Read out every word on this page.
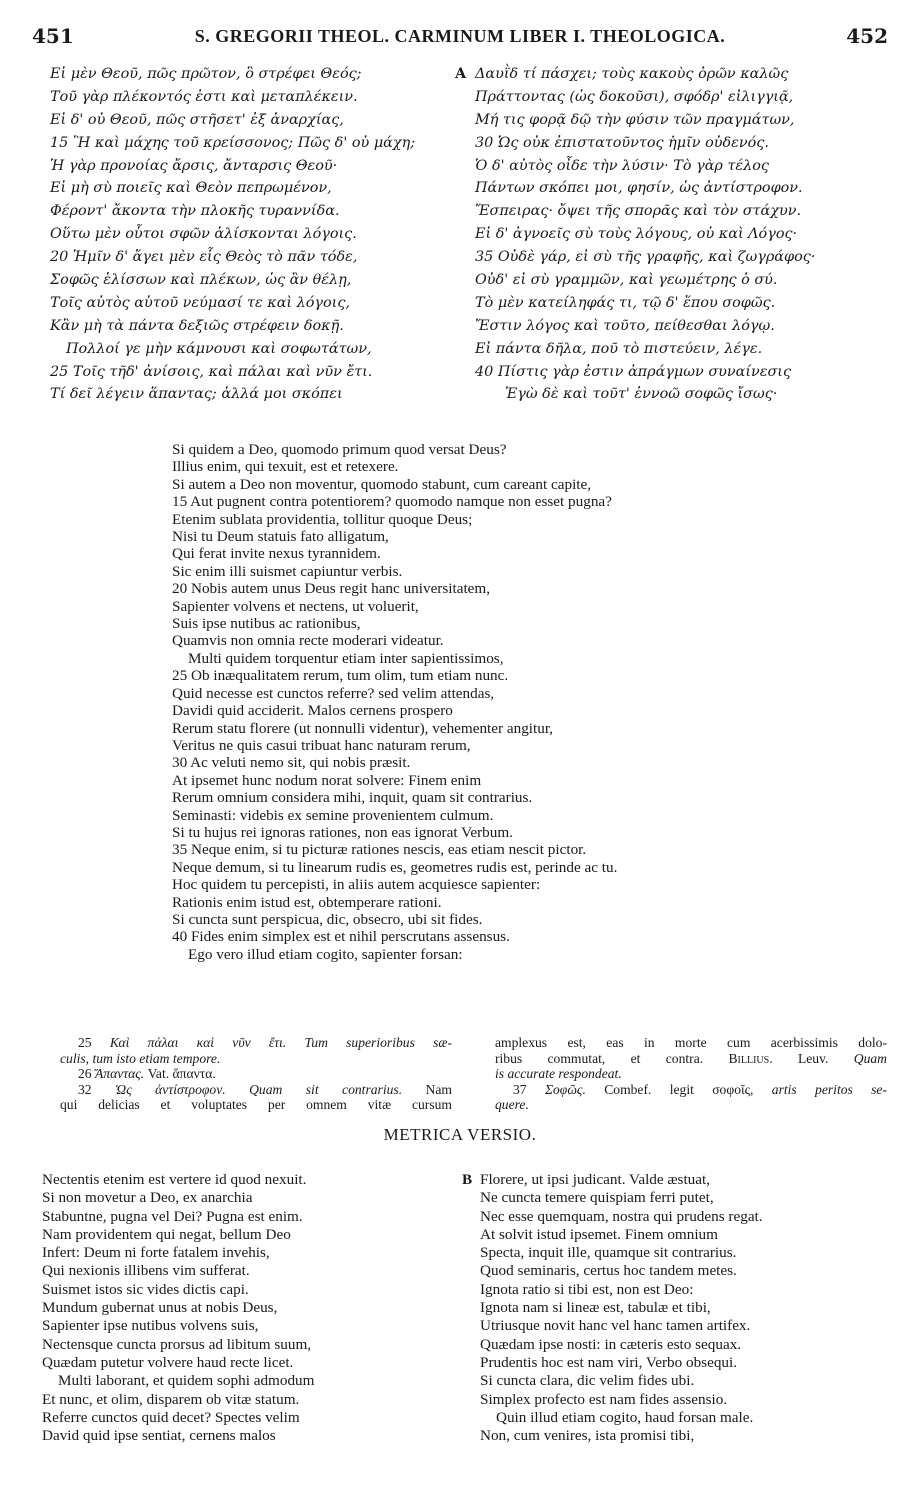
451	S. GREGORII THEOL. CARMINUM LIBER I. THEOLOGICA.	452
Εἰ μὲν Θεοῦ, πῶς πρῶτον, ὃ στρέφει Θεός;
Τοῦ γὰρ πλέκοντός ἐστι καὶ μεταπλέκειν.
Εἰ δ' οὐ Θεοῦ, πῶς στῆσετ' ἐξ ἀναρχίας,
15 Ἢ καὶ μάχης τοῦ κρείσσονος; Πῶς δ' οὐ μάχη;
Ἡ γὰρ προνοίας ἄρσις, ἄνταρσις Θεοῦ·
Εἰ μὴ σὺ ποιεῖς καὶ Θεὸν πεπρωμένον,
Φέροντ' ἄκοντα τὴν πλοκῆς τυραννίδα.
Οὕτω μὲν οὗτοι σφῶν ἁλίσκονται λόγοις.
20 Ἡμῖν δ' ἄγει μὲν εἷς Θεὸς τὸ πᾶν τόδε,
Σοφῶς ἑλίσσων καὶ πλέκων, ὡς ἂν θέλῃ,
Τοῖς αὐτὸς αὑτοῦ νεύμασί τε καὶ λόγοις,
Κἂν μὴ τὰ πάντα δεξιῶς στρέφειν δοκῇ.
Πολλοί γε μὴν κάμνουσι καὶ σοφωτάτων,
25 Τοῖς τῆδ' ἀνίσοις, καὶ πάλαι καὶ νῦν ἔτι.
Τί δεῖ λέγειν ἅπαντας; ἀλλά μοι σκόπει
A Δαυῒδ τί πάσχει; τοὺς κακοὺς ὁρῶν καλῶς
Πράττοντας (ὡς δοκοῦσι), σφόδρ' εἰλιγγιᾷ,
Μή τις φορᾷ δῷ τὴν φύσιν τῶν πραγμάτων,
30 Ὡς οὐκ ἐπιστατοῦντος ἡμῖν οὐδενός.
Ὁ δ' αὐτὸς οἶδε τὴν λύσιν· Τὸ γὰρ τέλος
Πάντων σκόπει μοι, φησίν, ὡς ἀντίστροφον.
Ἔσπειρας· ὄψει τῆς σπορᾶς καὶ τὸν στάχυν.
Εἰ δ' ἀγνοεῖς σὺ τοὺς λόγους, οὐ καὶ Λόγος·
35 Οὐδὲ γάρ, εἰ σὺ τῆς γραφῆς, καὶ ζωγράφος·
Οὐδ' εἰ σὺ γραμμῶν, καὶ γεωμέτρης ὁ σύ.
Τὸ μὲν κατείληφάς τι, τῷ δ' ἕπου σοφῶς.
Ἔστιν λόγος καὶ τοῦτο, πείθεσθαι λόγῳ.
Εἰ πάντα δῆλα, ποῦ τὸ πιστεύειν, λέγε.
40 Πίστις γὰρ ἐστιν ἀπράγμων συναίνεσις
Ἐγὼ δὲ καὶ τοῦτ' ἐννοῶ σοφῶς ἴσως·
Si quidem a Deo, quomodo primum quod versat Deus?
Illius enim, qui texuit, est et retexere.
Si autem a Deo non moventur, quomodo stabunt, cum careant capite,
15 Aut pugnent contra potentiorem? quomodo namque non esset pugna?
Etenim sublata providentia, tollitur quoque Deus;
Nisi tu Deum statuis fato alligatum,
Qui ferat invite nexus tyrannidem.
Sic enim illi suismet capiuntur verbis.
20 Nobis autem unus Deus regit hanc universitatem,
Sapienter volvens et nectens, ut voluerit,
Suis ipse nutibus ac rationibus,
Quamvis non omnia recte moderari videatur.
Multi quidem torquentur etiam inter sapientissimos,
25 Ob inæqualitatem rerum, tum olim, tum etiam nunc.
Quid necesse est cunctos referre? sed velim attendas,
Davidi quid acciderit. Malos cernens prospero
Rerum statu florere (ut nonnulli videntur), vehementer angitur,
Veritus ne quis casui tribuat hanc naturam rerum,
30 Ac veluti nemo sit, qui nobis præsit.
At ipsemet hunc nodum norat solvere: Finem enim
Rerum omnium considera mihi, inquit, quam sit contrarius.
Seminasti: videbis ex semine provenientem culmum.
Si tu hujus rei ignoras rationes, non eas ignorat Verbum.
35 Neque enim, si tu picturæ rationes nescis, eas etiam nescit pictor.
Neque demum, si tu linearum rudis es, geometres rudis est, perinde ac tu.
Hoc quidem tu percepisti, in aliis autem acquiesce sapienter:
Rationis enim istud est, obtemperare rationi.
Si cuncta sunt perspicua, dic, obsecro, ubi sit fides.
40 Fides enim simplex est et nihil perscrutans assensus.
Ego vero illud etiam cogito, sapienter forsan:

25 Καὶ πάλαι καὶ νῦν ἔτι. Tum superioribus sæ-

culis, tum isto etiam tempore.

26 Ἅπαντας. Vat. ἅπαντα.

32 Ὡς ἀντίστροφον. Quam sit contrarius. Nam

qui delicias et voluptates per omnem vitæ cursum

amplexus est, eas in morte cum acerbissimis dolo-

ribus commutat, et contra. Billius. Leuv. Quam

is accurate respondeat.

37 Σοφῶς. Combef. legit σοφοῖς, artis peritos se-

quere.

METRICA VERSIO.
Nectentis etenim est vertere id quod nexuit.
Si non movetur a Deo, ex anarchia
Stabuntne, pugna vel Dei? Pugna est enim.
Nam providentem qui negat, bellum Deo
Infert: Deum ni forte fatalem invehis,
Qui nexionis illibens vim sufferat.
Suismet istos sic vides dictis capi.
Mundum gubernat unus at nobis Deus,
Sapienter ipse nutibus volvens suis,
Nectensque cuncta prorsus ad libitum suum,
Quædam putetur volvere haud recte licet.
Multi laborant, et quidem sophi admodum
Et nunc, et olim, disparem ob vitæ statum.
Referre cunctos quid decet? Spectes velim
David quid ipse sentiat, cernens malos
B Florere, ut ipsi judicant. Valde æstuat,
Ne cuncta temere quispiam ferri putet,
Nec esse quemquam, nostra qui prudens regat.
At solvit istud ipsemet. Finem omnium
Specta, inquit ille, quamque sit contrarius.
Quod seminaris, certus hoc tandem metes.
Ignota ratio si tibi est, non est Deo:
Ignota nam si lineæ est, tabulæ et tibi,
Utriusque novit hanc vel hanc tamen artifex.
Quædam ipse nosti: in cæteris esto sequax.
Prudentis hoc est nam viri, Verbo obsequi.
Si cuncta clara, dic velim fides ubi.
Simplex profecto est nam fides assensio.
Quin illud etiam cogito, haud forsan male.
Non, cum venires, ista promisi tibi,
